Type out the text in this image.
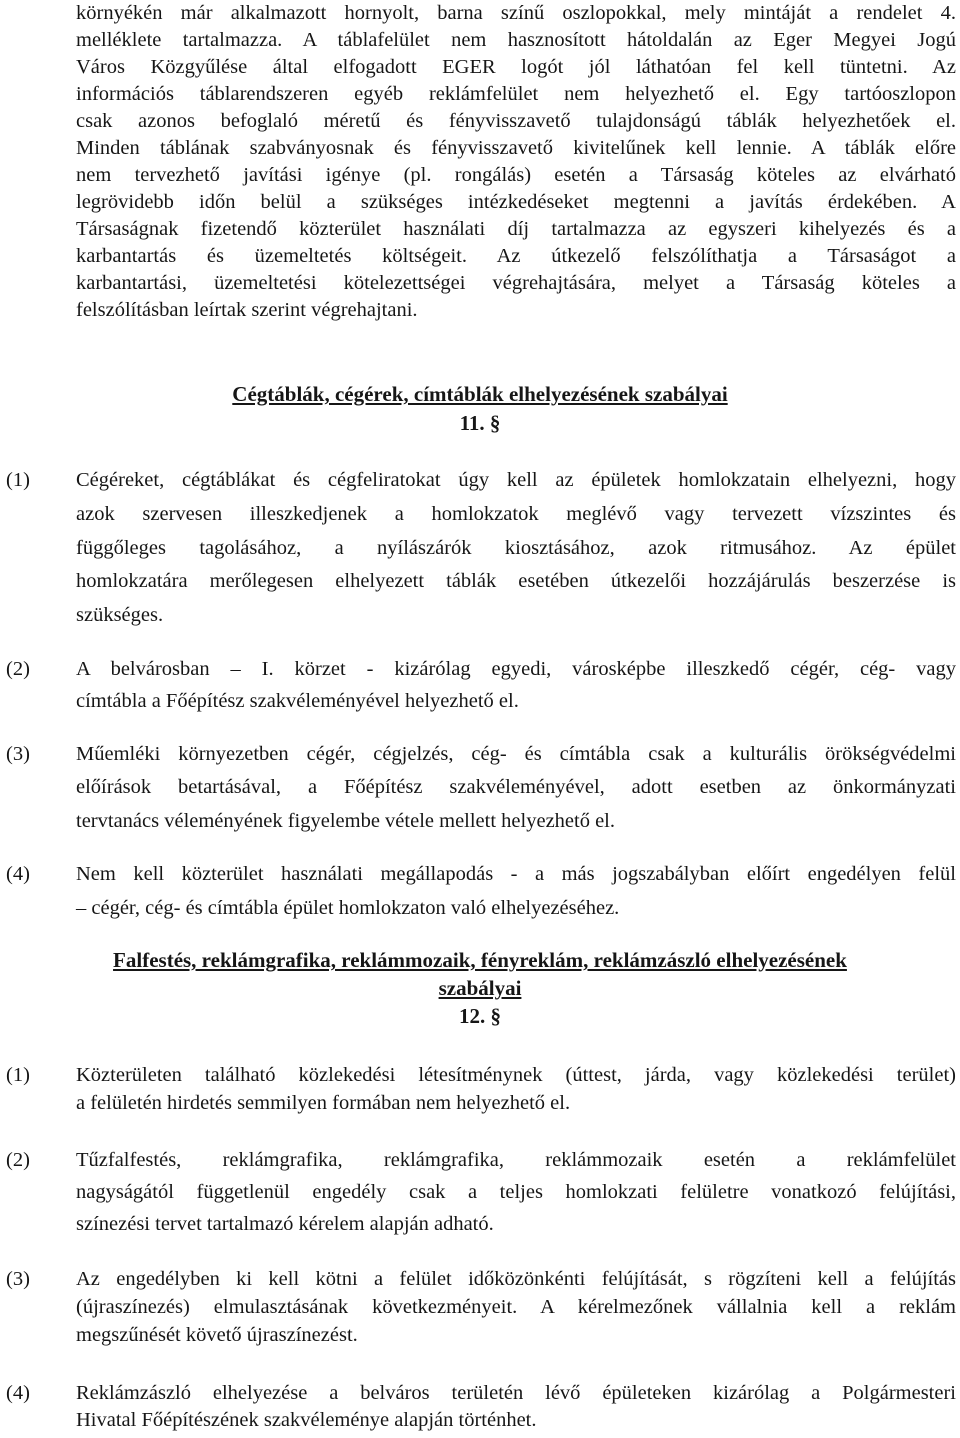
környékén már alkalmazott hornyolt, barna színű oszlopokkal, mely mintáját a rendelet 4.
melléklete tartalmazza. A táblafelület nem hasznosított hátoldalán az Eger Megyei Jogú
Város Közgyűlése által elfogadott EGER logót jól láthatóan fel kell tüntetni. Az
információs táblarendszeren egyéb reklámfelület nem helyezhető el. Egy tartóoszlopon
csak azonos befoglaló méretű és fényvisszavető tulajdonságú táblák helyezhetőek el.
Minden táblának szabványosnak és fényvisszavető kivitelűnek kell lennie. A táblák előre
nem tervezhető javítási igénye (pl. rongálás) esetén a Társaság köteles az elvárható
legrövidebb időn belül a szükséges intézkedéseket megtenni a javítás érdekében. A
Társaságnak fizetendő közterület használati díj tartalmazza az egyszeri kihelyezés és a
karbantartás és üzemeltetés költségeit. Az útkezelő felszólíthatja a Társaságot a
karbantartási, üzemeltetési kötelezettségei végrehajtására, melyet a Társaság köteles a
felszólításban leírtak szerint végrehajtani.
Cégtáblák, cégérek, címtáblák elhelyezésének szabályai
11. §
(1) Cégéreket, cégtáblákat és cégfeliratokat úgy kell az épületek homlokzatain elhelyezni, hogy
azok szervesen illeszkedjenek a homlokzatok meglévő vagy tervezett vízszintes és
függőleges tagolásához, a nyílászárók kiosztásához, azok ritmusához. Az épület
homlokzatára merőlegesen elhelyezett táblák esetében útkezelői hozzájárulás beszerzése is
szükséges.
(2) A belvárosban – I. körzet - kizárólag egyedi, városképbe illeszkedő cégér, cég- vagy
címtábla a Főépítész szakvéleményével helyezhető el.
(3) Műemléki környezetben cégér, cégjelzés, cég- és címtábla csak a kulturális örökségvédelmi
előírások betartásával, a Főépítész szakvéleményével, adott esetben az önkormányzati
tervtanács véleményének figyelembe vétele mellett helyezhető el.
(4) Nem kell közterület használati megállapodás - a más jogszabályban előírt engedélyen felül
– cégér, cég- és címtábla épület homlokzaton való elhelyezéséhez.
Falfestés, reklámgrafika, reklámmozaik, fényreklám, reklámzászló elhelyezésének
szabályai
12. §
(1) Közterületen található közlekedési létesítménynek (úttest, járda, vagy közlekedési terület)
a felületén hirdetés semmilyen formában nem helyezhető el.
(2) Tűzfalfestés, reklámgrafika, reklámgrafika, reklámmozaik esetén a reklámfelület
nagyságától függetlenül engedély csak a teljes homlokzati felületre vonatkozó felújítási,
színezési tervet tartalmazó kérelem alapján adható.
(3) Az engedélyben ki kell kötni a felület időközönkénti felújítását, s rögzíteni kell a felújítás
(újraszínezés) elmulasztásának következményeit. A kérelmezőnek vállalnia kell a reklám
megszűnését követő újraszínezést.
(4) Reklámzászló elhelyezése a belváros területén lévő épületeken kizárólag a Polgármesteri
Hivatal Főépítészének szakvéleménye alapján történhet.
